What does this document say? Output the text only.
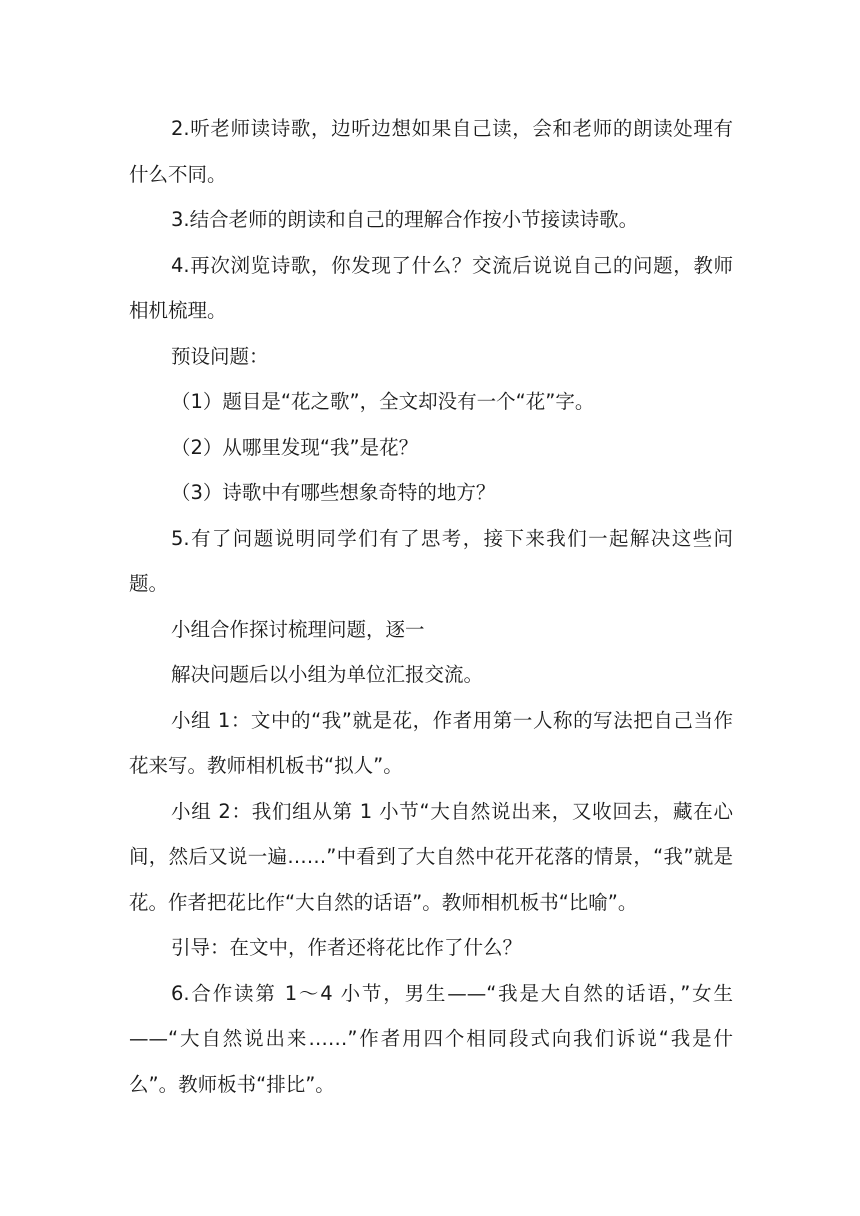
2.听老师读诗歌，边听边想如果自己读，会和老师的朗读处理有什么不同。

3.结合老师的朗读和自己的理解合作按小节接读诗歌。

4.再次浏览诗歌，你发现了什么？交流后说说自己的问题，教师相机梳理。

预设问题：

（1）题目是“花之歌”，全文却没有一个“花”字。

（2）从哪里发现“我”是花？

（3）诗歌中有哪些想象奇特的地方？

5.有了问题说明同学们有了思考，接下来我们一起解决这些问题。

小组合作探讨梳理问题，逐一

解决问题后以小组为单位汇报交流。

小组 1：文中的“我”就是花，作者用第一人称的写法把自己当作花来写。教师相机板书“拟人”。

小组 2：我们组从第 1 小节“大自然说出来，又收回去，藏在心间，然后又说一遍……”中看到了大自然中花开花落的情景，“我”就是花。作者把花比作“大自然的话语”。教师相机板书“比喻”。

引导：在文中，作者还将花比作了什么？

6.合作读第 1～4 小节，男生——“我是大自然的话语，”女生——“大自然说出来……”作者用四个相同段式向我们诉说“我是什么”。教师板书“排比”。
